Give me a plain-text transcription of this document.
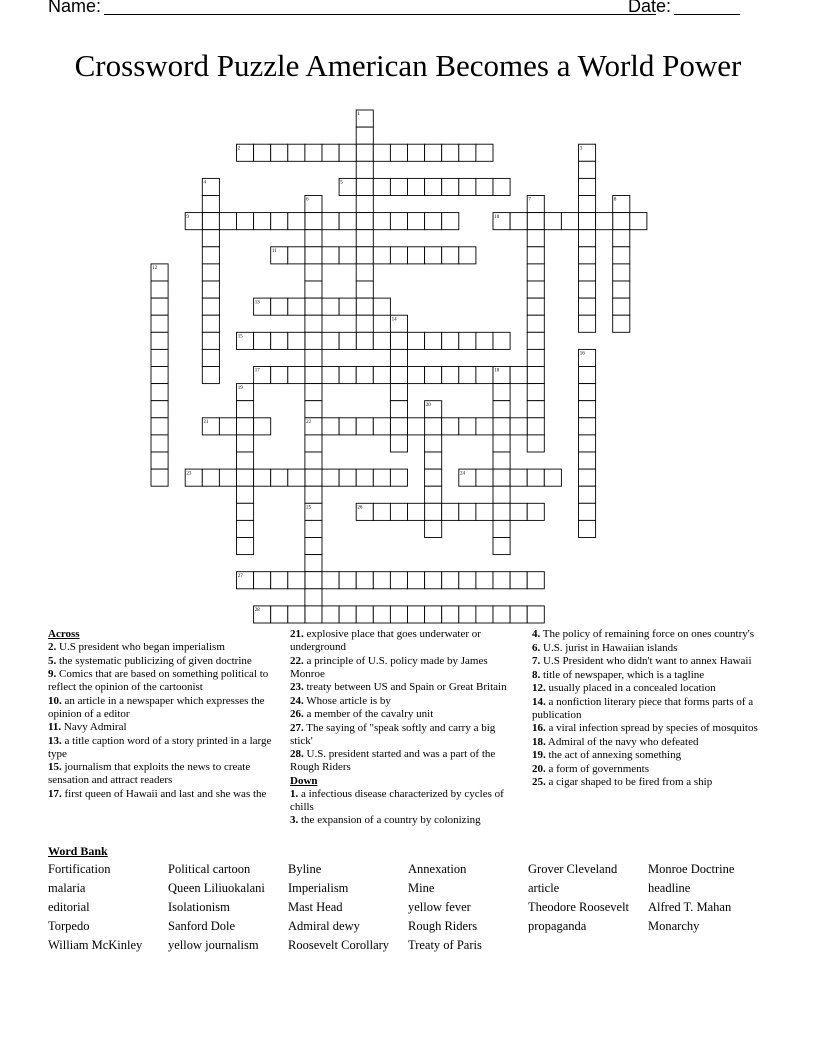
Name:	Date:
Crossword Puzzle American Becomes a World Power
1
2	3
4	5
6	7	8
9	10
11
12
13
14
15
16
17	18
19
20
21	22
23	24
25	26
27
28
Across
2. U.S president who began imperialism
5. the systematic publicizing of given doctrine
9. Comics that are based on something political to reflect the opinion of the cartoonist
10. an article in a newspaper which expresses the opinion of a editor
11. Navy Admiral
13. a title caption word of a story printed in a large type
15. journalism that exploits the news to create sensation and attract readers
17. first queen of Hawaii and last and she was the
21. explosive place that goes underwater or underground
22. a principle of U.S. policy made by James Monroe
23. treaty between US and Spain or Great Britain
24. Whose article is by
26. a member of the cavalry unit
27. The saying of "speak softly and carry a big stick'
28. U.S. president started and was a part of the Rough Riders
Down
1. a infectious disease characterized by cycles of chills
3. the expansion of a country by colonizing
4. The policy of remaining force on ones country's
6. U.S. jurist in Hawaiian islands
7. U.S President who didn't want to annex Hawaii
8. title of newspaper, which is a tagline
12. usually placed in a concealed location
14. a nonfiction literary piece that forms parts of a publication
16. a viral infection spread by species of mosquitos
18. Admiral of the navy who defeated
19. the act of annexing something
20. a form of governments
25. a cigar shaped to be fired from a ship
Word Bank
Fortification	Political cartoon	Byline	Annexation	Grover Cleveland	Monroe Doctrine
malaria	Queen Liliuokalani	Imperialism	Mine	article	headline
editorial	Isolationism	Mast Head	yellow fever	Theodore Roosevelt	Alfred T. Mahan
Torpedo	Sanford Dole	Admiral dewy	Rough Riders	propaganda	Monarchy
William McKinley	yellow journalism	Roosevelt Corollary	Treaty of Paris
